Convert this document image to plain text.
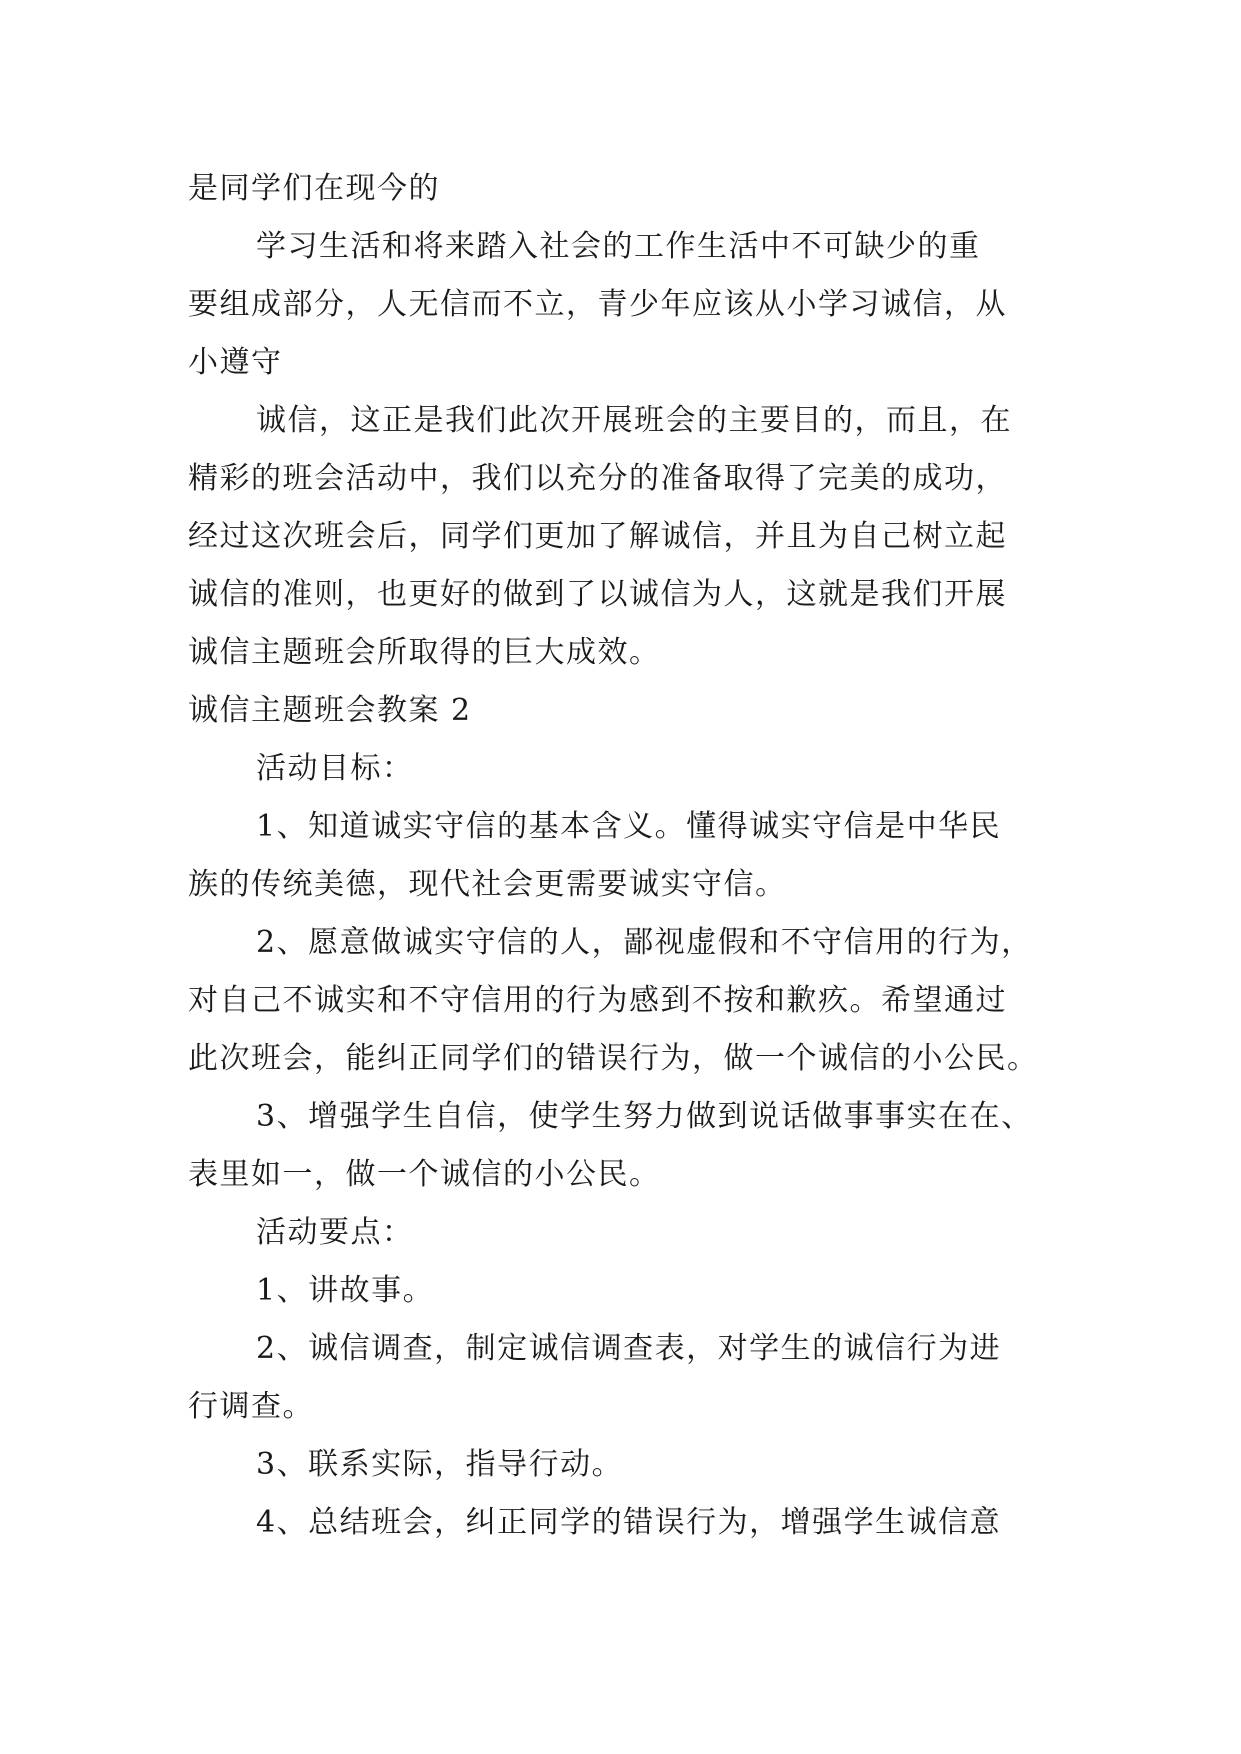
是同学们在现今的
学习生活和将来踏入社会的工作生活中不可缺少的重
要组成部分，人无信而不立，青少年应该从小学习诚信，从
小遵守
诚信，这正是我们此次开展班会的主要目的，而且，在
精彩的班会活动中，我们以充分的准备取得了完美的成功，
经过这次班会后，同学们更加了解诚信，并且为自己树立起
诚信的准则，也更好的做到了以诚信为人，这就是我们开展
诚信主题班会所取得的巨大成效。
诚信主题班会教案 2
活动目标：
1、知道诚实守信的基本含义。懂得诚实守信是中华民
族的传统美德，现代社会更需要诚实守信。
2、愿意做诚实守信的人，鄙视虚假和不守信用的行为，
对自己不诚实和不守信用的行为感到不按和歉疚。希望通过
此次班会，能纠正同学们的错误行为，做一个诚信的小公民。
3、增强学生自信，使学生努力做到说话做事事实在在、
表里如一，做一个诚信的小公民。
活动要点：
1、讲故事。
2、诚信调查，制定诚信调查表，对学生的诚信行为进
行调查。
3、联系实际，指导行动。
4、总结班会，纠正同学的错误行为，增强学生诚信意
